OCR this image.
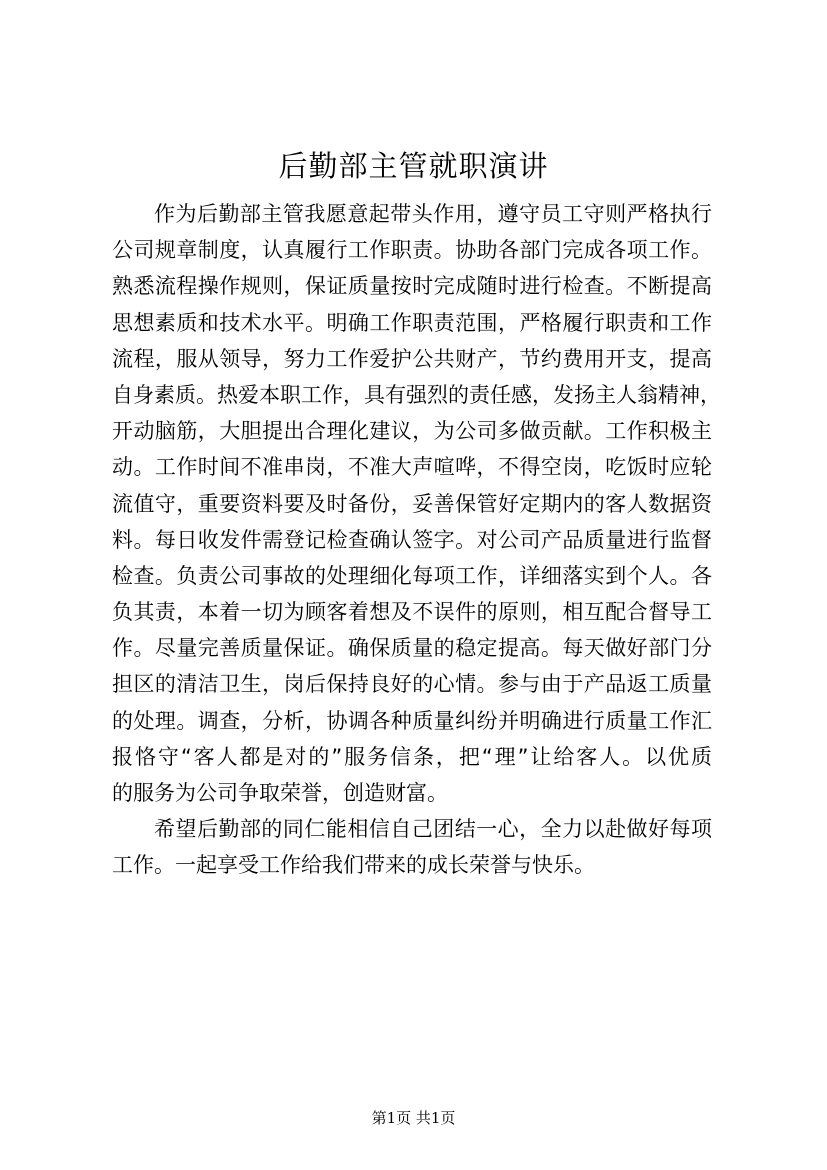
后勤部主管就职演讲
作为后勤部主管我愿意起带头作用，遵守员工守则严格执行
公司规章制度，认真履行工作职责。协助各部门完成各项工作。
熟悉流程操作规则，保证质量按时完成随时进行检查。不断提高
思想素质和技术水平。明确工作职责范围，严格履行职责和工作
流程，服从领导，努力工作爱护公共财产，节约费用开支，提高
自身素质。热爱本职工作，具有强烈的责任感，发扬主人翁精神，
开动脑筋，大胆提出合理化建议，为公司多做贡献。工作积极主
动。工作时间不准串岗，不准大声喧哗，不得空岗，吃饭时应轮
流值守，重要资料要及时备份，妥善保管好定期内的客人数据资
料。每日收发件需登记检查确认签字。对公司产品质量进行监督
检查。负责公司事故的处理细化每项工作，详细落实到个人。各
负其责，本着一切为顾客着想及不误件的原则，相互配合督导工
作。尽量完善质量保证。确保质量的稳定提高。每天做好部门分
担区的清洁卫生，岗后保持良好的心情。参与由于产品返工质量
的处理。调查，分析，协调各种质量纠纷并明确进行质量工作汇
报恪守“客人都是对的”服务信条，把“理”让给客人。以优质
的服务为公司争取荣誉，创造财富。
希望后勤部的同仁能相信自己团结一心，全力以赴做好每项
工作。一起享受工作给我们带来的成长荣誉与快乐。
第1页 共1页
